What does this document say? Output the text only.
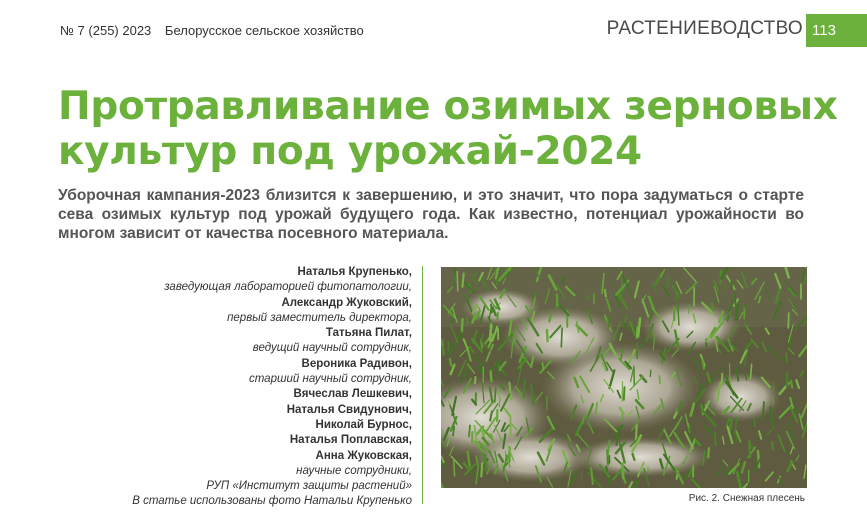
№ 7 (255) 2023 Белорусское сельское хозяйство	РАСТЕНИЕВОДСТВО 113
Протравливание озимых зерновых
культур под урожай-2024

Уборочная кампания-2023 близится к завершению, и это значит, что пора задуматься о старте сева озимых культур под урожай будущего года. Как известно, потенциал урожайности во многом зависит от качества посевного материала.

Наталья Крупенько,
заведующая лабораторией фитопатологии,
Александр Жуковский,
первый заместитель директора,
Татьяна Пилат,
ведущий научный сотрудник,
Вероника Радивон,
старший научный сотрудник,
Вячеслав Лешкевич,
Наталья Свидунович,
Николай Бурнос,
Наталья Поплавская,
Анна Жуковская,
научные сотрудники,
РУП «Институт защиты растений»
В статье использованы фото Натальи Крупенько	Рис. 2. Снежная плесень
